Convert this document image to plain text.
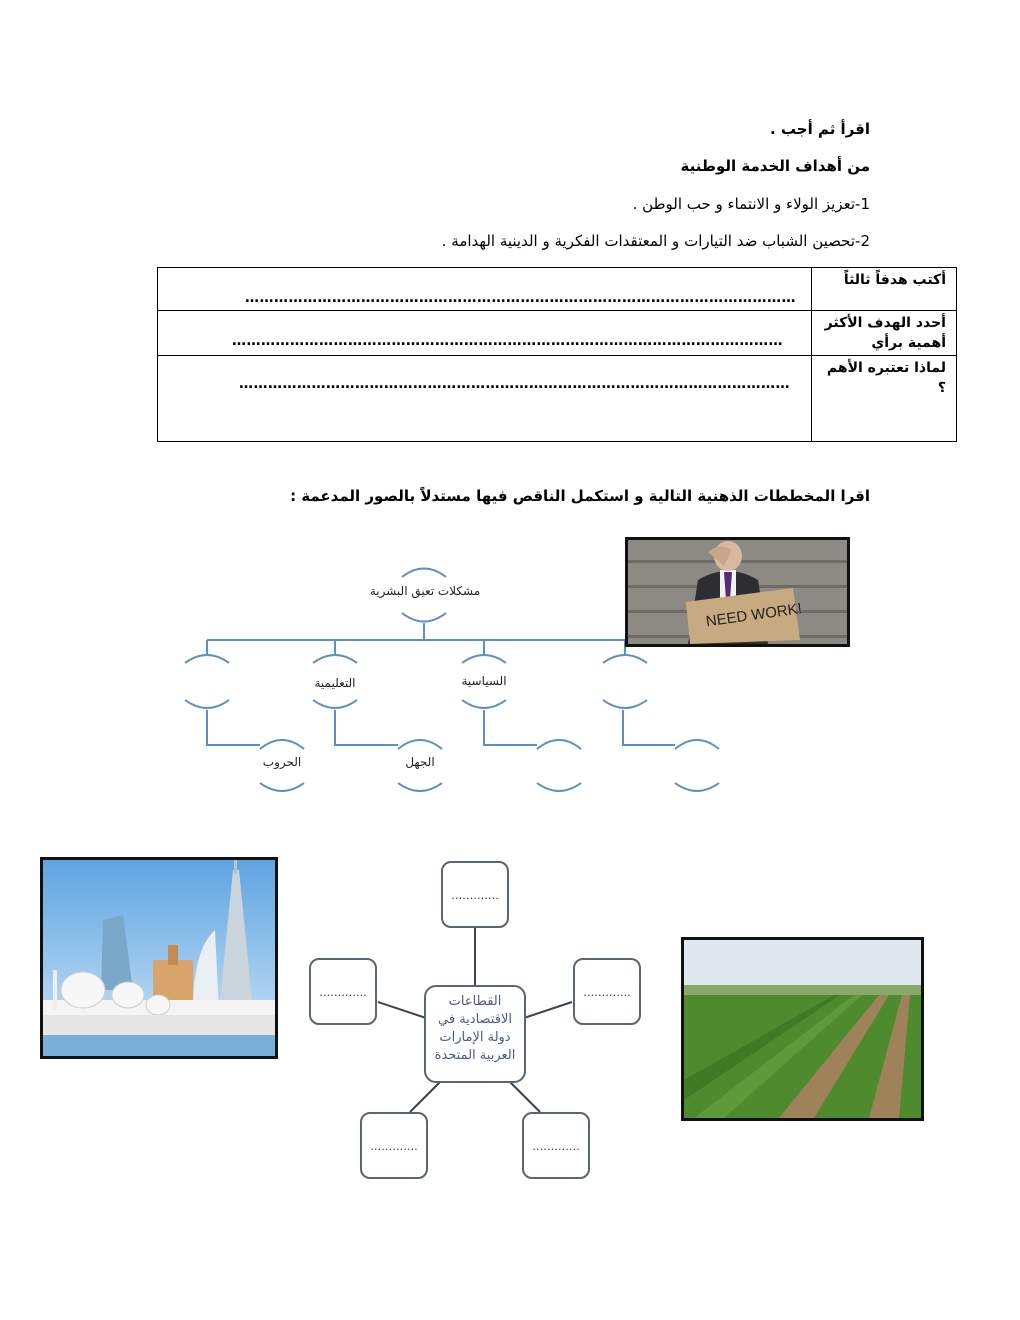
اقرأ ثم أجب .
من أهداف الخدمة الوطنية
1-تعزيز الولاء و الانتماء و حب الوطن .
2-تحصين الشباب ضد التيارات و المعتقدات الفكرية و الدينية الهدامة .
أكتب هدفاً ثالثاً	……………………………………………………………………………………………………

أحدد الهدف الأكثر أهمية برأي	……………………………………………………………………………………………………

لماذا تعتبره الأهم ؟	……………………………………………………………………………………………………
اقرا المخططات الذهنية التالية و استكمل الناقص فيها مستدلاً بالصور المدعمة :
مشكلات تعيق البشرية
التعليمية	السياسية
الجهل
الحروب
NEED WORK!
………….
………….	………….
………….	………….
القطاعات الاقتصادية في دولة الإمارات العربية المتحدة
